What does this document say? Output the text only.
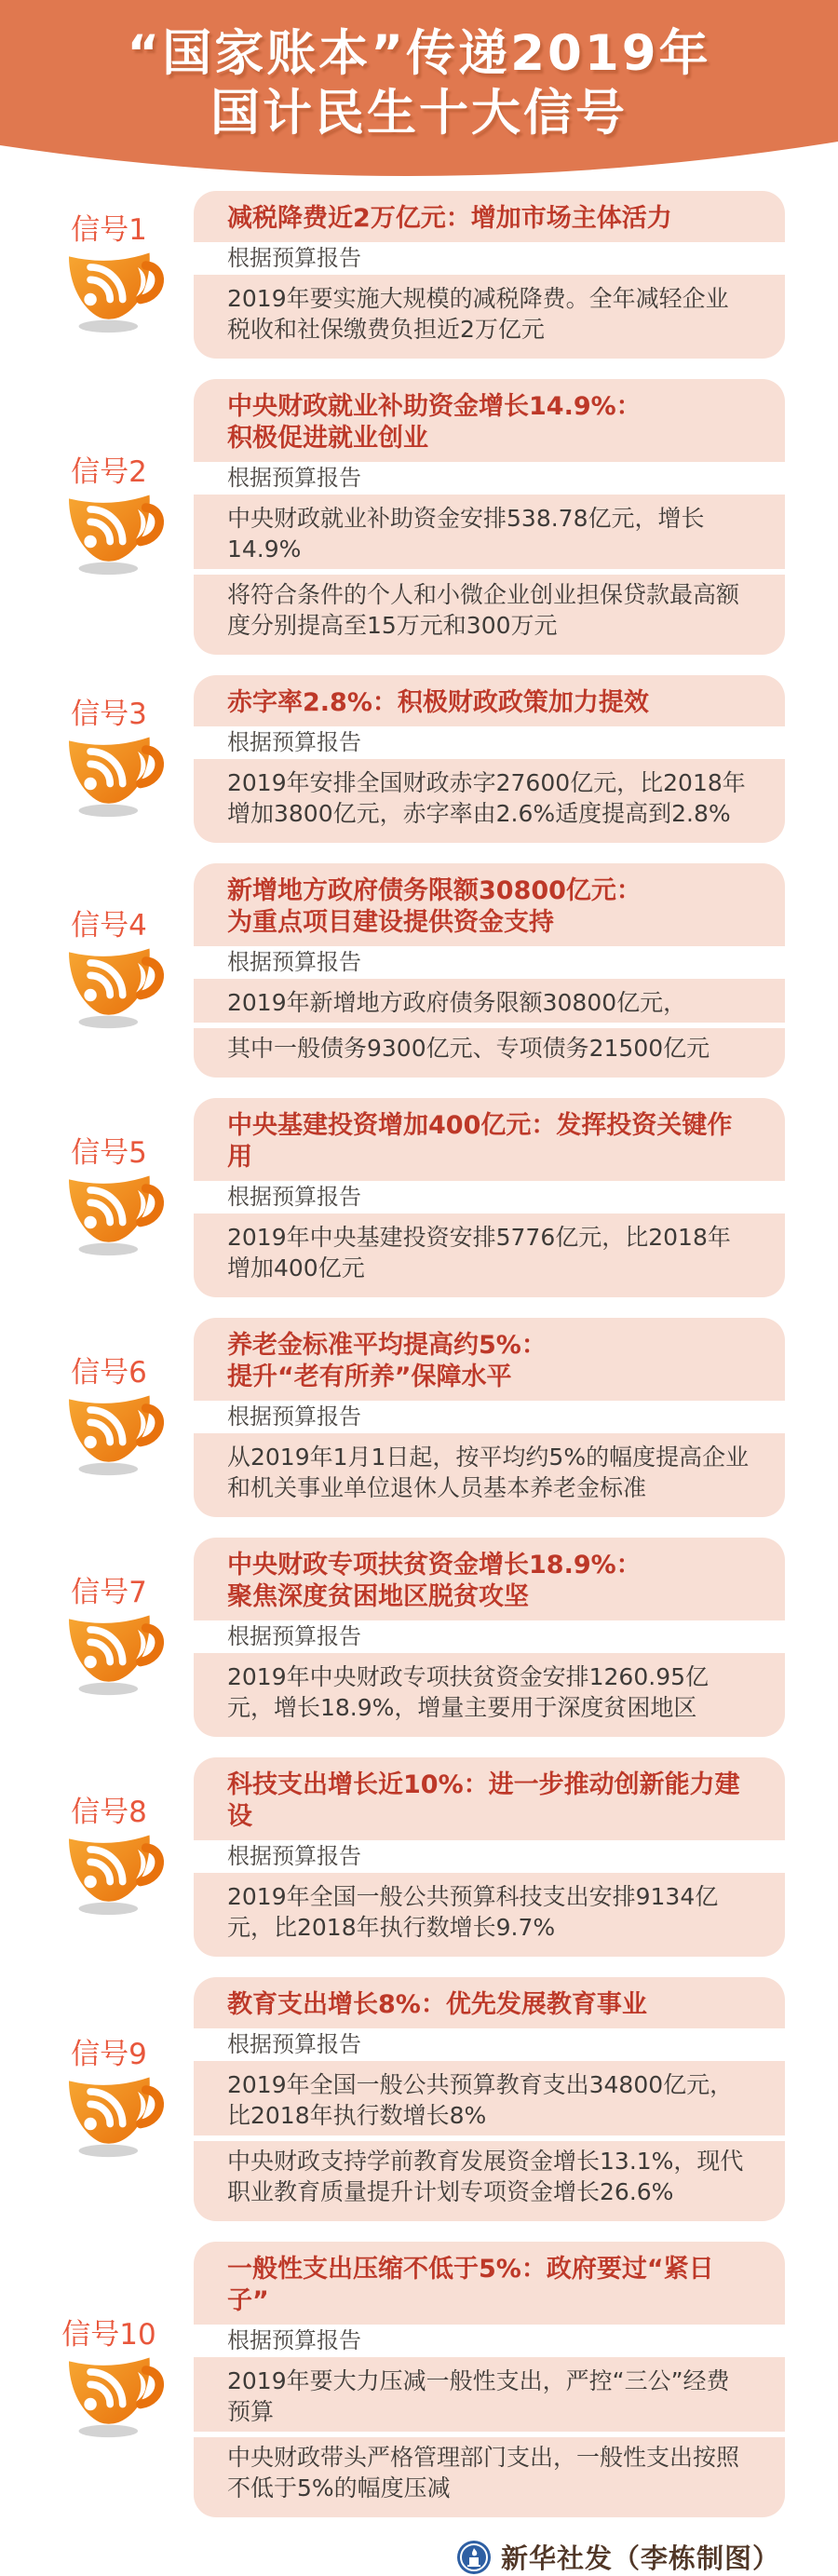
“国家账本”传递2019年
国计民生十大信号
信号1	减税降费近2万亿元：增加市场主体活力
根据预算报告

2019年要实施大规模的减税降费。全年减轻企业税收和社保缴费负担近2万亿元

信号2
中央财政就业补助资金增长14.9%：
积极促进就业创业
根据预算报告

中央财政就业补助资金安排538.78亿元，增长14.9%

将符合条件的个人和小微企业创业担保贷款最高额度分别提高至15万元和300万元

信号3	赤字率2.8%：积极财政政策加力提效
根据预算报告

2019年安排全国财政赤字27600亿元，比2018年增加3800亿元，赤字率由2.6%适度提高到2.8%

信号4
新增地方政府债务限额30800亿元：
为重点项目建设提供资金支持
根据预算报告

2019年新增地方政府债务限额30800亿元，

其中一般债务9300亿元、专项债务21500亿元

信号5
中央基建投资增加400亿元：发挥投资关键作用
根据预算报告

2019年中央基建投资安排5776亿元，比2018年增加400亿元

信号6
养老金标准平均提高约5%：
提升“老有所养”保障水平
根据预算报告

从2019年1月1日起，按平均约5%的幅度提高企业和机关事业单位退休人员基本养老金标准

信号7
中央财政专项扶贫资金增长18.9%：
聚焦深度贫困地区脱贫攻坚
根据预算报告

2019年中央财政专项扶贫资金安排1260.95亿元，增长18.9%，增量主要用于深度贫困地区

信号8
科技支出增长近10%：进一步推动创新能力建设
根据预算报告

2019年全国一般公共预算科技支出安排9134亿元，比2018年执行数增长9.7%

信号9
教育支出增长8%：优先发展教育事业
根据预算报告

2019年全国一般公共预算教育支出34800亿元，比2018年执行数增长8%

中央财政支持学前教育发展资金增长13.1%，现代职业教育质量提升计划专项资金增长26.6%

信号10
一般性支出压缩不低于5%：政府要过“紧日子”
根据预算报告

2019年要大力压减一般性支出，严控“三公”经费预算

中央财政带头严格管理部门支出，一般性支出按照不低于5%的幅度压减

新华社发（李栋制图）
